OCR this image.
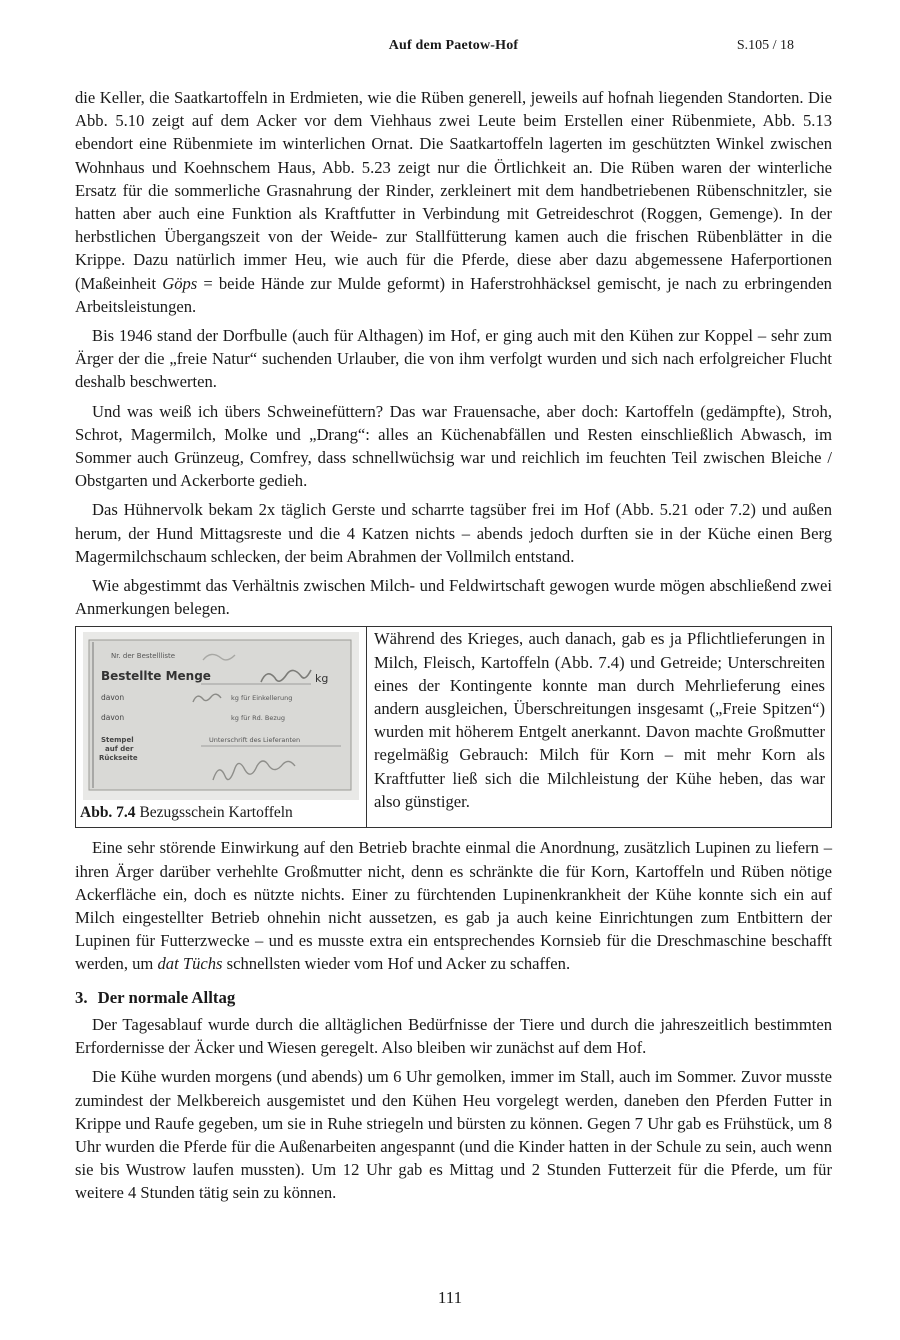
Auf dem Paetow-Hof	S.105 / 18

die Keller, die Saatkartoffeln in Erdmieten, wie die Rüben generell, jeweils auf hofnah liegenden Standorten. Die Abb. 5.10 zeigt auf dem Acker vor dem Viehhaus zwei Leute beim Erstellen einer Rübenmiete, Abb. 5.13 ebendort eine Rübenmiete im winterlichen Ornat. Die Saatkartoffeln lagerten im geschützten Winkel zwischen Wohnhaus und Koehnschem Haus, Abb. 5.23 zeigt nur die Örtlichkeit an. Die Rüben waren der winterliche Ersatz für die sommerliche Grasnahrung der Rinder, zerkleinert mit dem handbetriebenen Rübenschnitzler, sie hatten aber auch eine Funktion als Kraftfutter in Verbindung mit Getreideschrot (Roggen, Gemenge). In der herbstlichen Übergangszeit von der Weide- zur Stallfütterung kamen auch die frischen Rübenblätter in die Krippe. Dazu natürlich immer Heu, wie auch für die Pferde, diese aber dazu abgemessene Haferportionen (Maßeinheit Göps = beide Hände zur Mulde geformt) in Haferstrohhäcksel gemischt, je nach zu erbringenden Arbeitsleistungen.

Bis 1946 stand der Dorfbulle (auch für Althagen) im Hof, er ging auch mit den Kühen zur Koppel – sehr zum Ärger der die „freie Natur“ suchenden Urlauber, die von ihm verfolgt wurden und sich nach erfolgreicher Flucht deshalb beschwerten.

Und was weiß ich übers Schweinefüttern? Das war Frauensache, aber doch: Kartoffeln (gedämpfte), Stroh, Schrot, Magermilch, Molke und „Drang“: alles an Küchenabfällen und Resten einschließlich Abwasch, im Sommer auch Grünzeug, Comfrey, dass schnellwüchsig war und reichlich im feuchten Teil zwischen Bleiche / Obstgarten und Ackerborte gedieh.

Das Hühnervolk bekam 2x täglich Gerste und scharrte tagsüber frei im Hof (Abb. 5.21 oder 7.2) und außen herum, der Hund Mittagsreste und die 4 Katzen nichts – abends jedoch durften sie in der Küche einen Berg Magermilchschaum schlecken, der beim Abrahmen der Vollmilch entstand.

Wie abgestimmt das Verhältnis zwischen Milch- und Feldwirtschaft gewogen wurde mögen abschließend zwei Anmerkungen belegen.

Nr. der Bestellliste
Bestellte Menge	kg
davon	kg für Einkellerung
davon	kg für Rd. Bezug
Stempel
auf der
Rückseite
Unterschrift des Lieferanten
Abb. 7.4 Bezugsschein Kartoffeln
Während des Krieges, auch danach, gab es ja Pflichtlieferungen in Milch, Fleisch, Kartoffeln (Abb. 7.4) und Getreide; Unterschreiten eines der Kontingente konnte man durch Mehrlieferung eines andern ausgleichen, Überschreitungen insgesamt („Freie Spitzen“) wurden mit höherem Entgelt anerkannt. Davon machte Großmutter regelmäßig Gebrauch: Milch für Korn – mit mehr Korn als Kraftfutter ließ sich die Milchleistung der Kühe heben, das war also günstiger.

Eine sehr störende Einwirkung auf den Betrieb brachte einmal die Anordnung, zusätzlich Lupinen zu liefern – ihren Ärger darüber verhehlte Großmutter nicht, denn es schränkte die für Korn, Kartoffeln und Rüben nötige Ackerfläche ein, doch es nützte nichts. Einer zu fürchtenden Lupinenkrankheit der Kühe konnte sich ein auf Milch eingestellter Betrieb ohnehin nicht aussetzen, es gab ja auch keine Einrichtungen zum Entbittern der Lupinen für Futterzwecke – und es musste extra ein entsprechendes Kornsieb für die Dreschmaschine beschafft werden, um dat Tüchs schnellsten wieder vom Hof und Acker zu schaffen.

3. Der normale Alltag

Der Tagesablauf wurde durch die alltäglichen Bedürfnisse der Tiere und durch die jahreszeitlich bestimmten Erfordernisse der Äcker und Wiesen geregelt. Also bleiben wir zunächst auf dem Hof.

Die Kühe wurden morgens (und abends) um 6 Uhr gemolken, immer im Stall, auch im Sommer. Zuvor musste zumindest der Melkbereich ausgemistet und den Kühen Heu vorgelegt werden, daneben den Pferden Futter in Krippe und Raufe gegeben, um sie in Ruhe striegeln und bürsten zu können. Gegen 7 Uhr gab es Frühstück, um 8 Uhr wurden die Pferde für die Außenarbeiten angespannt (und die Kinder hatten in der Schule zu sein, auch wenn sie bis Wustrow laufen mussten). Um 12 Uhr gab es Mittag und 2 Stunden Futterzeit für die Pferde, um für weitere 4 Stunden tätig sein zu können.

111
